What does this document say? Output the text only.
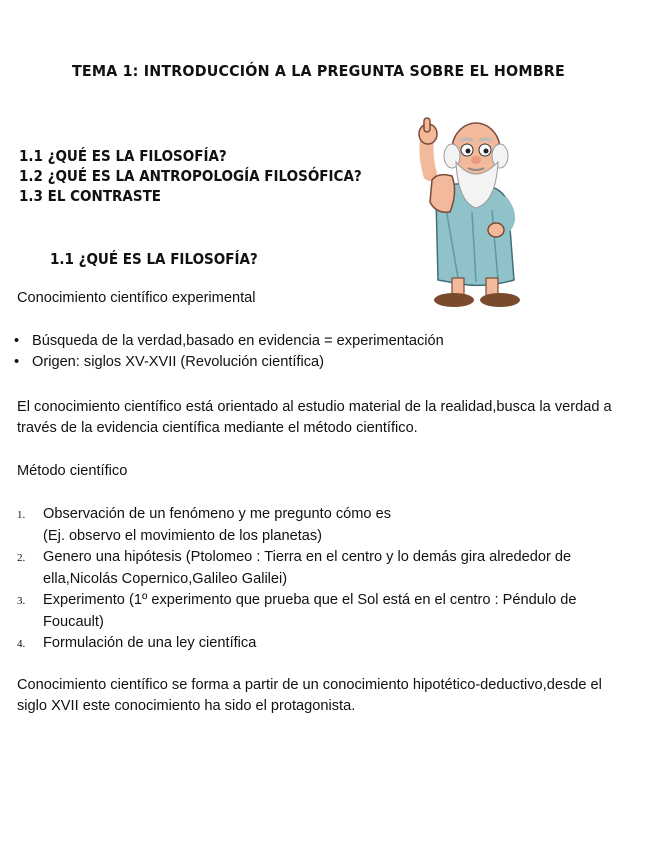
TEMA 1: INTRODUCCIÓN A LA PREGUNTA SOBRE EL HOMBRE
1.1 ¿QUÉ ES LA FILOSOFÍA?
1.2 ¿QUÉ ES LA ANTROPOLOGÍA FILOSÓFICA?
1.3 EL CONTRASTE
1.1 ¿QUÉ ES LA FILOSOFÍA?
Conocimiento científico experimental
• Búsqueda de la verdad,basado en evidencia = experimentación
• Origen: siglos XV-XVII (Revolución científica)
El conocimiento científico está orientado al estudio material de la realidad,busca la verdad a través de la evidencia científica mediante el método científico.
Método científico
1.	Observación de un fenómeno y me pregunto cómo es
(Ej. observo el movimiento de los planetas)
2.	Genero una hipótesis (Ptolomeo : Tierra en el centro y lo demás gira alrededor de ella,Nicolás Copernico,Galileo Galilei)
3.	Experimento (1º experimento que prueba que el Sol está en el centro : Péndulo de Foucault)
4.	Formulación de una ley científica
Conocimiento científico se forma a partir de un conocimiento hipotético-deductivo,desde el siglo XVII este conocimiento ha sido el protagonista.
